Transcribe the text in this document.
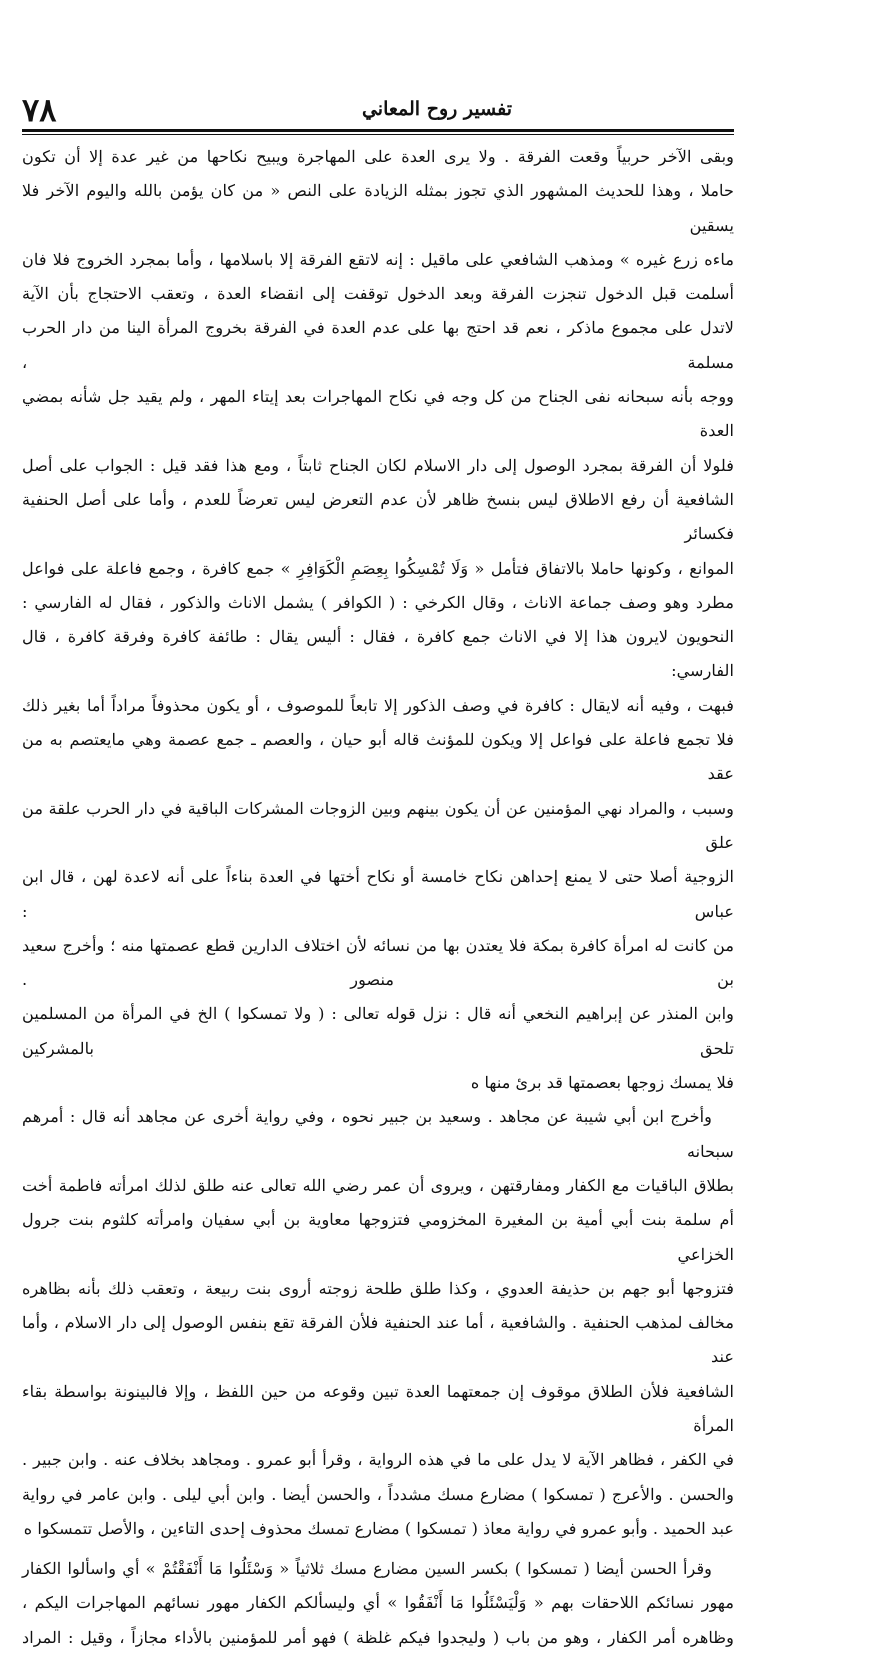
٧٨	تفسير روح المعاني

وبقى الآخر حربياً وقعت الفرقة . ولا يرى العدة على المهاجرة ويبيح نكاحها من غير عدة إلا أن تكون

حاملا ، وهذا للحديث المشهور الذي تجوز بمثله الزيادة على النص « من كان يؤمن بالله واليوم الآخر فلا يسقين

ماءه زرع غيره » ومذهب الشافعي على ماقيل : إنه لاتقع الفرقة إلا باسلامها ، وأما بمجرد الخروج فلا فان

أسلمت قبل الدخول تنجزت الفرقة وبعد الدخول توقفت إلى انقضاء العدة ، وتعقب الاحتجاج بأن الآية

لاتدل على مجموع ماذكر ، نعم قد احتج بها على عدم العدة في الفرقة بخروج المرأة الينا من دار الحرب مسلمة ،

ووجه بأنه سبحانه نفى الجناح من كل وجه في نكاح المهاجرات بعد إيتاء المهر ، ولم يقيد جل شأنه بمضي العدة

فلولا أن الفرقة بمجرد الوصول إلى دار الاسلام لكان الجناح ثابتاً ، ومع هذا فقد قيل : الجواب على أصل

الشافعية أن رفع الاطلاق ليس بنسخ ظاهر لأن عدم التعرض ليس تعرضاً للعدم ، وأما على أصل الحنفية فكسائر

الموانع ، وكونها حاملا بالاتفاق فتأمل « وَلَا تُمْسِكُوا بِعِصَمِ الْكَوَافِرِ » جمع كافرة ، وجمع فاعلة على فواعل

مطرد وهو وصف جماعة الاناث ، وقال الكرخي : ( الكوافر ) يشمل الاناث والذكور ، فقال له الفارسي :

النحويون لايرون هذا إلا في الاناث جمع كافرة ، فقال : أليس يقال : طائفة كافرة وفرقة كافرة ، قال الفارسي:

فبهت ، وفيه أنه لايقال : كافرة في وصف الذكور إلا تابعاً للموصوف ، أو يكون محذوفاً مراداً أما بغير ذلك

فلا تجمع فاعلة على فواعل إلا ويكون للمؤنث قاله أبو حيان ، والعصم ـ جمع عصمة وهي مايعتصم به من عقد

وسبب ، والمراد نهي المؤمنين عن أن يكون بينهم وبين الزوجات المشركات الباقية في دار الحرب علقة من علق

الزوجية أصلا حتى لا يمنع إحداهن نكاح خامسة أو نكاح أختها في العدة بناءاً على أنه لاعدة لهن ، قال ابن عباس :

من كانت له امرأة كافرة بمكة فلا يعتدن بها من نسائه لأن اختلاف الدارين قطع عصمتها منه ؛ وأخرج سعيد بن منصور .

وابن المنذر عن إبراهيم النخعي أنه قال : نزل قوله تعالى : ( ولا تمسكوا ) الخ في المرأة من المسلمين تلحق بالمشركين

فلا يمسك زوجها بعصمتها قد برئ منها ه

وأخرج ابن أبي شيبة عن مجاهد . وسعيد بن جبير نحوه ، وفي رواية أخرى عن مجاهد أنه قال : أمرهم سبحانه

بطلاق الباقيات مع الكفار ومفارقتهن ، ويروى أن عمر رضي الله تعالى عنه طلق لذلك امرأته فاطمة أخت

أم سلمة بنت أبي أمية بن المغيرة المخزومي فتزوجها معاوية بن أبي سفيان وامرأته كلثوم بنت جرول الخزاعي

فتزوجها أبو جهم بن حذيفة العدوي ، وكذا طلق طلحة زوجته أروى بنت ربيعة ، وتعقب ذلك بأنه بظاهره

مخالف لمذهب الحنفية . والشافعية ، أما عند الحنفية فلأن الفرقة تقع بنفس الوصول إلى دار الاسلام ، وأما عند

الشافعية فلأن الطلاق موقوف إن جمعتهما العدة تبين وقوعه من حين اللفظ ، وإلا فالبينونة بواسطة بقاء المرأة

في الكفر ، فظاهر الآية لا يدل على ما في هذه الرواية ، وقرأ أبو عمرو . ومجاهد بخلاف عنه . وابن جبير .

والحسن . والأعرج ( تمسكوا ) مضارع مسك مشدداً ، والحسن أيضا . وابن أبي ليلى . وابن عامر في رواية

عبد الحميد . وأبو عمرو في رواية معاذ ( تمسكوا ) مضارع تمسك محذوف إحدى التاءين ، والأصل تتمسكوا ه

وقرأ الحسن أيضا ( تمسكوا ) بكسر السين مضارع مسك ثلاثياً « وَسْئَلُوا مَا أَنْفَقْتُمْ » أي واسألوا الكفار

مهور نسائكم اللاحقات بهم « وَلْيَسْئَلُوا مَا أَنْفَقُوا » أي وليسألكم الكفار مهور نسائهم المهاجرات اليكم ،

وظاهره أمر الكفار ، وهو من باب ( وليجدوا فيكم غلظة ) فهو أمر للمؤمنين بالأداء مجازاً ، وقيل : المراد
